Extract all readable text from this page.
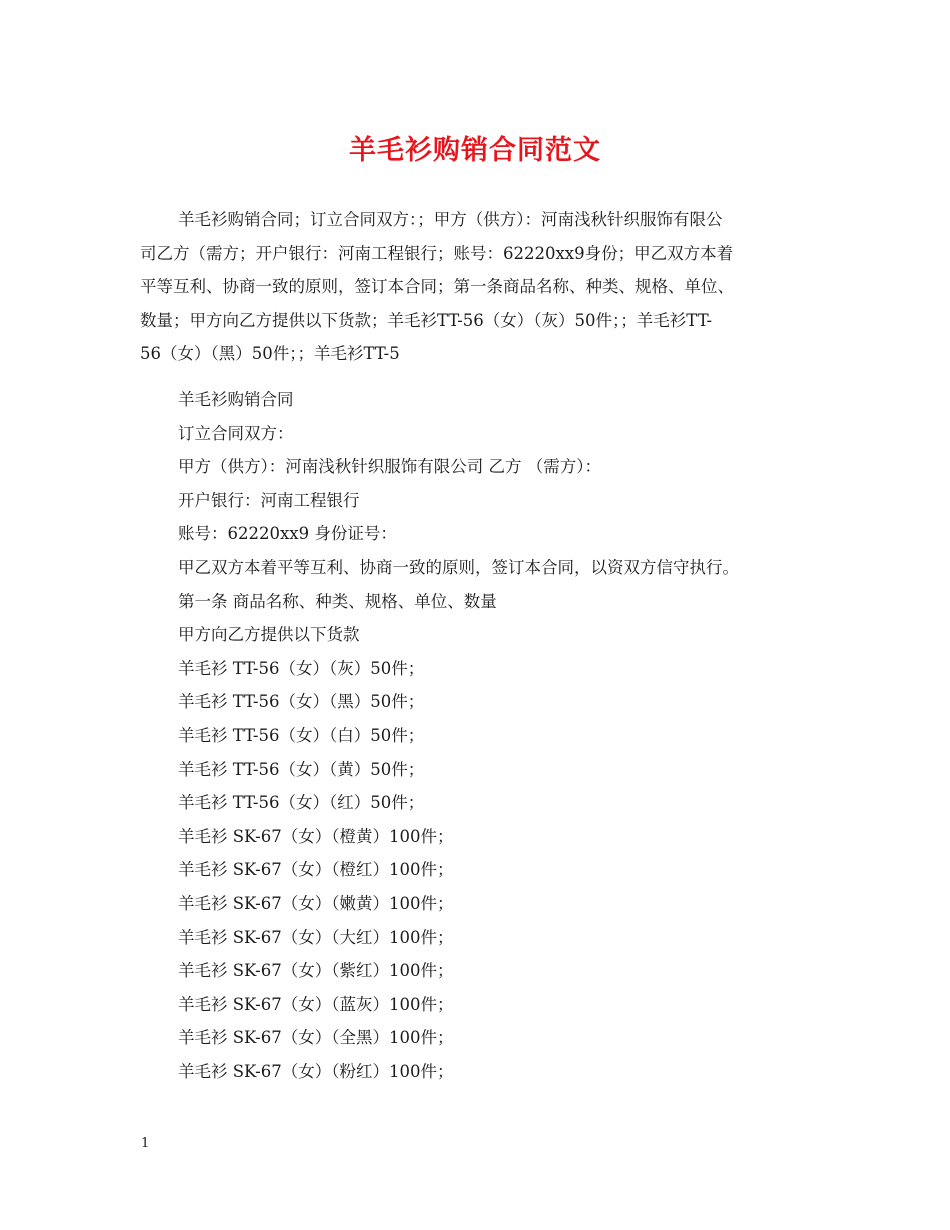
羊毛衫购销合同范文
羊毛衫购销合同；订立合同双方：；甲方（供方）：河南浅秋针织服饰有限公
司乙方（需方；开户银行：河南工程银行；账号：62220xx9身份；甲乙双方本着
平等互利、协商一致的原则，签订本合同；第一条商品名称、种类、规格、单位、
数量；甲方向乙方提供以下货款；羊毛衫TT-56（女）（灰）50件；；羊毛衫TT-
56（女）（黑）50件；；羊毛衫TT-5
羊毛衫购销合同
订立合同双方：
甲方（供方）：河南浅秋针织服饰有限公司 乙方 （需方）：
开户银行：河南工程银行
账号：62220xx9 身份证号：
甲乙双方本着平等互利、协商一致的原则，签订本合同，以资双方信守执行。
第一条 商品名称、种类、规格、单位、数量
甲方向乙方提供以下货款
羊毛衫 TT-56（女）（灰）50件；
羊毛衫 TT-56（女）（黑）50件；
羊毛衫 TT-56（女）（白）50件；
羊毛衫 TT-56（女）（黄）50件；
羊毛衫 TT-56（女）（红）50件；
羊毛衫 SK-67（女）（橙黄）100件；
羊毛衫 SK-67（女）（橙红）100件；
羊毛衫 SK-67（女）（嫩黄）100件；
羊毛衫 SK-67（女）（大红）100件；
羊毛衫 SK-67（女）（紫红）100件；
羊毛衫 SK-67（女）（蓝灰）100件；
羊毛衫 SK-67（女）（全黑）100件；
羊毛衫 SK-67（女）（粉红）100件；
1
